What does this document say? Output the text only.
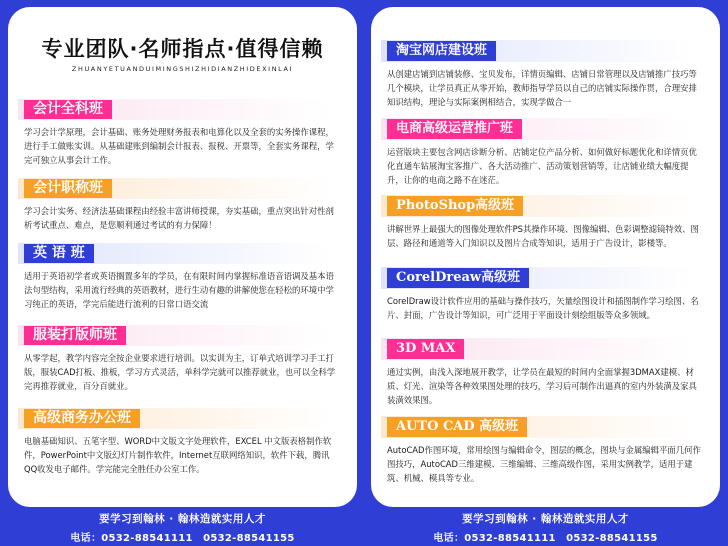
专业团队·名师指点·值得信赖
ZHUANYETUANDUIMINGSHIZHIDIANZHIDEXINLAI
会计全科班
学习会计学原理，会计基础、账务处理财务报表和电算化以及全套的实务操作课程，进行手工做账实训。从基础建账到编制会计报表、报税、开票等，全套实务课程，学完可独立从事会计工作。
会计职称班
学习会计实务、经济法基础课程由经验丰富讲师授课，夯实基础，重点突出针对性剖析考试重点、难点，是您顺利通过考试的有力保障！
英 语 班
适用于英语初学者或英语搁置多年的学员，在有限时间内掌握标准语音语调及基本语法句型结构，采用流行经典的英语教材，进行生动有趣的讲解使您在轻松的环境中学习纯正的英语，学完后能进行流利的日常口语交流
服装打版师班
从零学起，教学内容完全按企业要求进行培训。以实训为主，订单式培训学习手工打版，服装CAD打板、推板，学习方式灵活，单科学完就可以推荐就业，也可以全科学完再推荐就业，百分百就业。
高级商务办公班
电脑基础知识、五笔字型、WORD中文版文字处理软件，EXCEL 中文版表格制作软件，PowerPoint中文版幻灯片制作软件，Internet互联网络知识，软件下载，腾讯QQ收发电子邮件。学完能完全胜任办公室工作。
淘宝网店建设班
从创建店铺到店铺装修、宝贝发布，详情页编辑、店铺日常管理以及店铺推广技巧等几个模块，让学员真正从零开始，教师指导学员以自己的店铺实际操作贯，合理安排知识结构，理论与实际案例相结合，实现学做合一
电商高级运营推广班
运营版块主要包含网店诊断分析、店铺定位产品分析、如何做好标题优化和详情页优化直通车钻展淘宝客推广、各大活动推广、活动策划营销等，让店铺业绩大幅度提升，让你的电商之路不在迷茫。
PhotoShop高级班
讲解世界上最强大的图像处理软件PS其操作环境、图像编辑、色彩调整滤镜特效、图层、路径和通道等入门知识以及图片合成等知识，适用于广告设计，影楼等。
CorelDreaw高级班
CorelDraw设计软件应用的基础与操作技巧，矢量绘图设计和插图制作学习绘图、名片、封面，广告设计等知识，可广泛用于平面设计刻绘组版等众多领域。
3D MAX
通过实例，由浅入深地展开教学，让学员在最短的时间内全面掌握3DMAX建模、材质、灯光、渲染等各种效果图处理的技巧，学习后可制作出逼真的室内外装潢及家具装潢效果图。
AUTO CAD 高级班
AutoCAD作图环境，常用绘图与编辑命令，图层的概念，图块与金属编辑平面几何作图技巧，AutoCAD三维建模、三维编辑、三维高级作图，采用实例教学，适用于建筑、机械、模具等专业。
要学习到翰林 · 翰林造就实用人才
电话：0532-88541111　0532-88541155
要学习到翰林 · 翰林造就实用人才
电话：0532-88541111　0532-88541155
